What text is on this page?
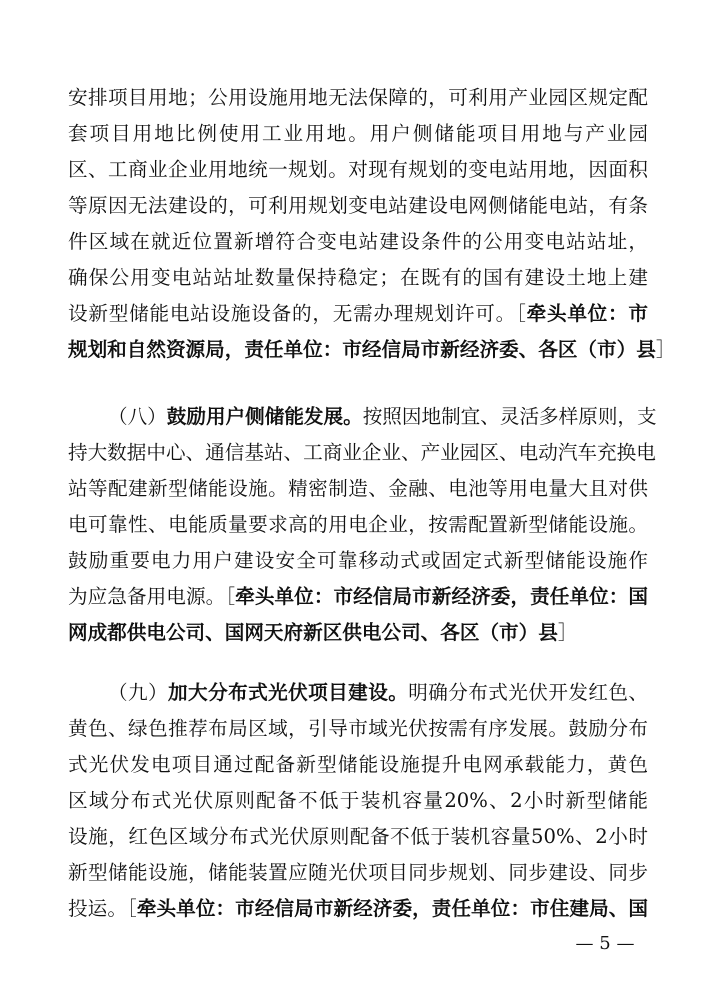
安排项目用地；公用设施用地无法保障的，可利用产业园区规定配
套项目用地比例使用工业用地。用户侧储能项目用地与产业园
区、工商业企业用地统一规划。对现有规划的变电站用地，因面积
等原因无法建设的，可利用规划变电站建设电网侧储能电站，有条
件区域在就近位置新增符合变电站建设条件的公用变电站站址，
确保公用变电站站址数量保持稳定；在既有的国有建设土地上建
设新型储能电站设施设备的，无需办理规划许可。［牵头单位：市
规划和自然资源局，责任单位：市经信局市新经济委、各区（市）县］
（八）鼓励用户侧储能发展。按照因地制宜、灵活多样原则，支
持大数据中心、通信基站、工商业企业、产业园区、电动汽车充换电
站等配建新型储能设施。精密制造、金融、电池等用电量大且对供
电可靠性、电能质量要求高的用电企业，按需配置新型储能设施。
鼓励重要电力用户建设安全可靠移动式或固定式新型储能设施作
为应急备用电源。［牵头单位：市经信局市新经济委，责任单位：国
网成都供电公司、国网天府新区供电公司、各区（市）县］
（九）加大分布式光伏项目建设。明确分布式光伏开发红色、
黄色、绿色推荐布局区域，引导市域光伏按需有序发展。鼓励分布
式光伏发电项目通过配备新型储能设施提升电网承载能力，黄色
区域分布式光伏原则配备不低于装机容量20%、2小时新型储能
设施，红色区域分布式光伏原则配备不低于装机容量50%、2小时
新型储能设施，储能装置应随光伏项目同步规划、同步建设、同步
投运。［牵头单位：市经信局市新经济委，责任单位：市住建局、国
— 5 —
